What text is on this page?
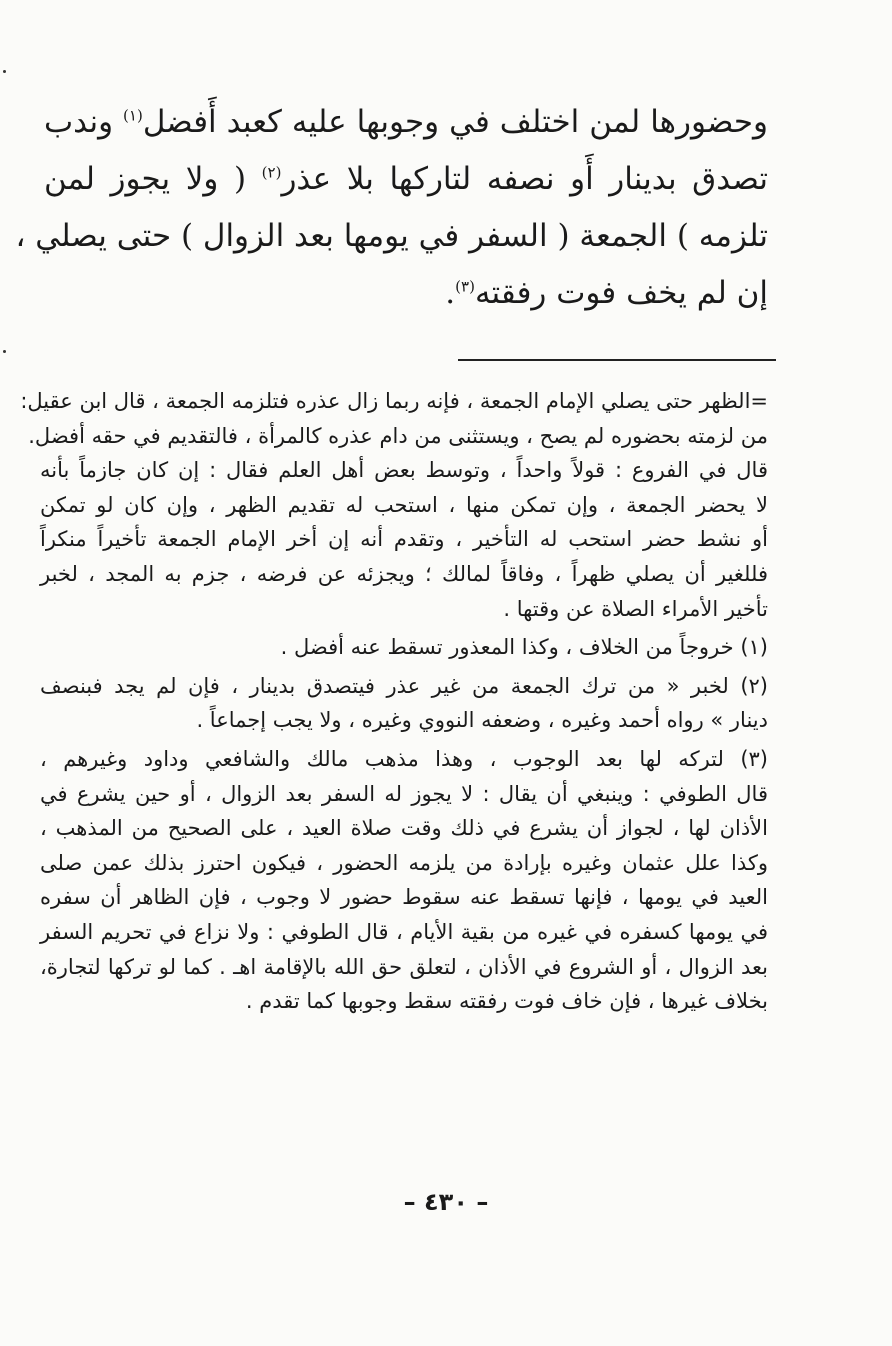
وحضورها لمن اختلف في وجوبها عليه كعبد أَفضل$^{(١)}$ وندب
تصدق بدينار أَو نصفه لتاركها بلا عذر$^{(٢)}$ ( ولا يجوز لمن
تلزمه ) الجمعة ( السفر في يومها بعد الزوال ) حتى يصلي ،
إن لم يخف فوت رفقته$^{(٣)}$.
=الظهر حتى يصلي الإمام الجمعة ، فإنه ربما زال عذره فتلزمه الجمعة ، قال ابن عقيل:
من لزمته بحضوره لم يصح ، ويستثنى من دام عذره كالمرأة ، فالتقديم في حقه أفضل.
قال في الفروع : قولاً واحداً ، وتوسط بعض أهل العلم فقال : إن كان جازماً بأنه
لا يحضر الجمعة ، وإن تمكن منها ، استحب له تقديم الظهر ، وإن كان لو تمكن
أو نشط حضر استحب له التأخير ، وتقدم أنه إن أخر الإمام الجمعة تأخيراً منكراً
فللغير أن يصلي ظهراً ، وفاقاً لمالك ؛ ويجزئه عن فرضه ، جزم به المجد ، لخبر
تأخير الأمراء الصلاة عن وقتها .
(١) خروجاً من الخلاف ، وكذا المعذور تسقط عنه أفضل .
(٢) لخبر « من ترك الجمعة من غير عذر فيتصدق بدينار ، فإن لم يجد فبنصف
دينار » رواه أحمد وغيره ، وضعفه النووي وغيره ، ولا يجب إجماعاً .
(٣) لتركه لها بعد الوجوب ، وهذا مذهب مالك والشافعي وداود وغيرهم ،
قال الطوفي : وينبغي أن يقال : لا يجوز له السفر بعد الزوال ، أو حين يشرع في
الأذان لها ، لجواز أن يشرع في ذلك وقت صلاة العيد ، على الصحيح من المذهب ،
وكذا علل عثمان وغيره بإرادة من يلزمه الحضور ، فيكون احترز بذلك عمن صلى
العيد في يومها ، فإنها تسقط عنه سقوط حضور لا وجوب ، فإن الظاهر أن سفره
في يومها كسفره في غيره من بقية الأيام ، قال الطوفي : ولا نزاع في تحريم السفر
بعد الزوال ، أو الشروع في الأذان ، لتعلق حق الله بالإقامة اهـ . كما لو تركها لتجارة،
بخلاف غيرها ، فإن خاف فوت رفقته سقط وجوبها كما تقدم .
– ٤٣٠ –
